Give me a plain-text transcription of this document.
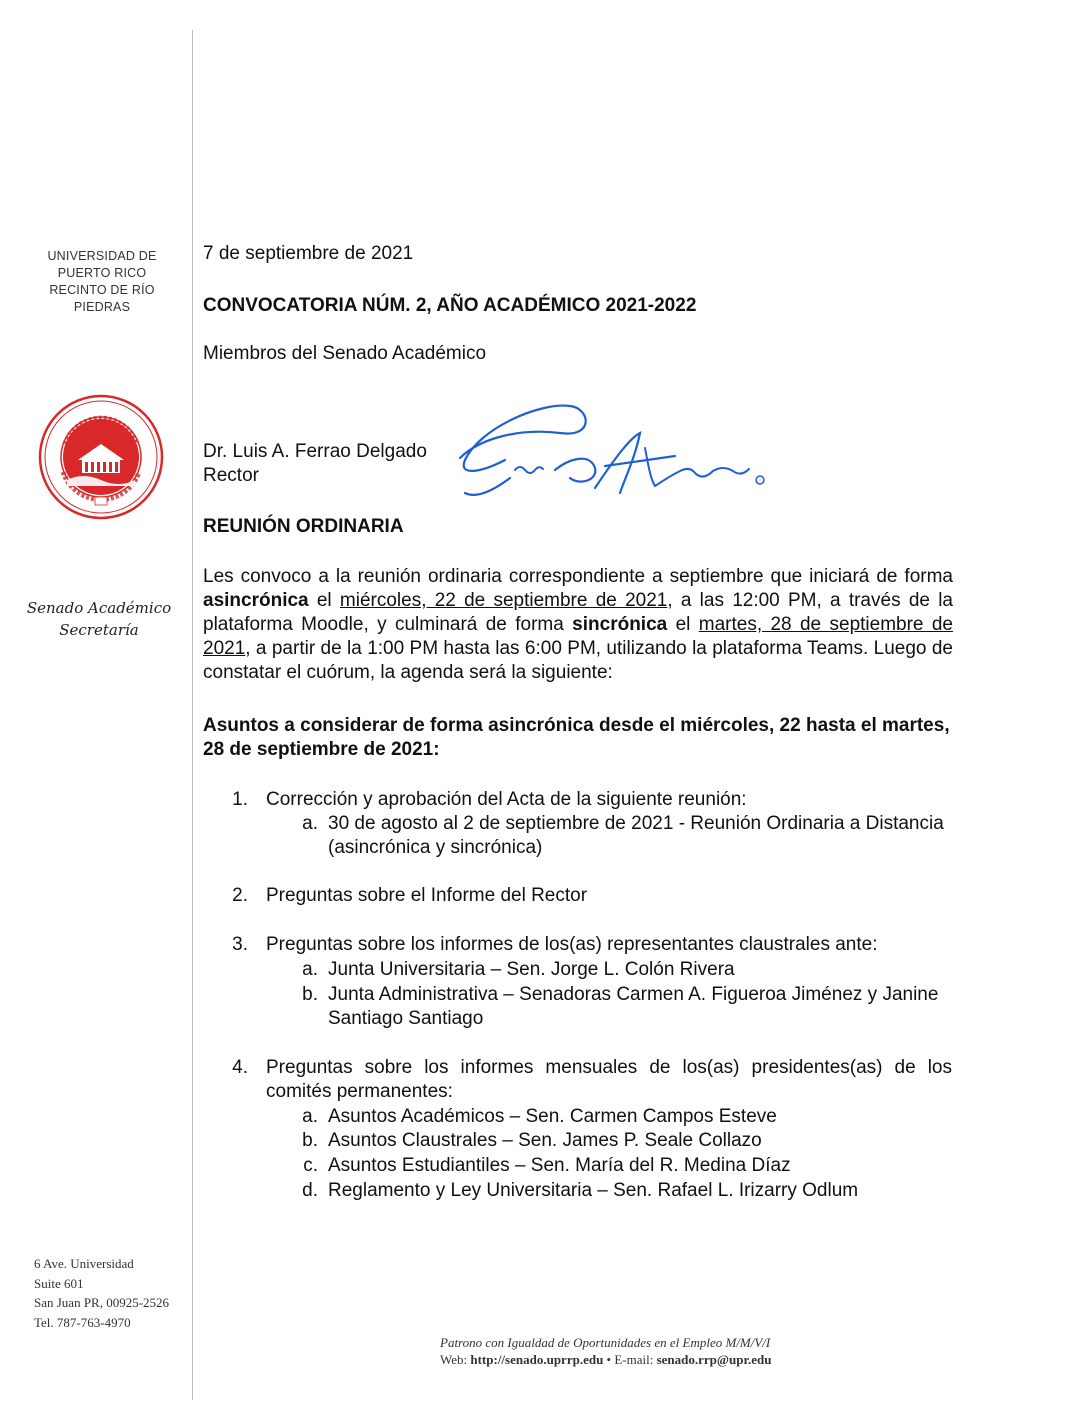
UNIVERSIDAD DE PUERTO RICO
RECINTO DE RÍO PIEDRAS
Senado Académico
Secretaría
7 de septiembre de 2021
CONVOCATORIA NÚM. 2, AÑO ACADÉMICO 2021-2022
Miembros del Senado Académico
Dr. Luis A. Ferrao Delgado
Rector
REUNIÓN ORDINARIA
Les convoco a la reunión ordinaria correspondiente a septiembre que iniciará de forma asincrónica el miércoles, 22 de septiembre de 2021, a las 12:00 PM, a través de la plataforma Moodle, y culminará de forma sincrónica el martes, 28 de septiembre de 2021, a partir de la 1:00 PM hasta las 6:00 PM, utilizando la plataforma Teams. Luego de constatar el cuórum, la agenda será la siguiente:
Asuntos a considerar de forma asincrónica desde el miércoles, 22 hasta el martes, 28 de septiembre de 2021:
1. Corrección y aprobación del Acta de la siguiente reunión:
a. 30 de agosto al 2 de septiembre de 2021 - Reunión Ordinaria a Distancia (asincrónica y sincrónica)
2. Preguntas sobre el Informe del Rector
3. Preguntas sobre los informes de los(as) representantes claustrales ante:
a. Junta Universitaria – Sen. Jorge L. Colón Rivera
b. Junta Administrativa – Senadoras Carmen A. Figueroa Jiménez y Janine Santiago Santiago
4. Preguntas sobre los informes mensuales de los(as) presidentes(as) de los comités permanentes:
a. Asuntos Académicos – Sen. Carmen Campos Esteve
b. Asuntos Claustrales – Sen. James P. Seale Collazo
c. Asuntos Estudiantiles – Sen. María del R. Medina Díaz
d. Reglamento y Ley Universitaria – Sen. Rafael L. Irizarry Odlum
6 Ave. Universidad
Suite 601
San Juan PR, 00925-2526
Tel. 787-763-4970
Patrono con Igualdad de Oportunidades en el Empleo M/M/V/I
Web: http://senado.uprrp.edu • E-mail: senado.rrp@upr.edu
